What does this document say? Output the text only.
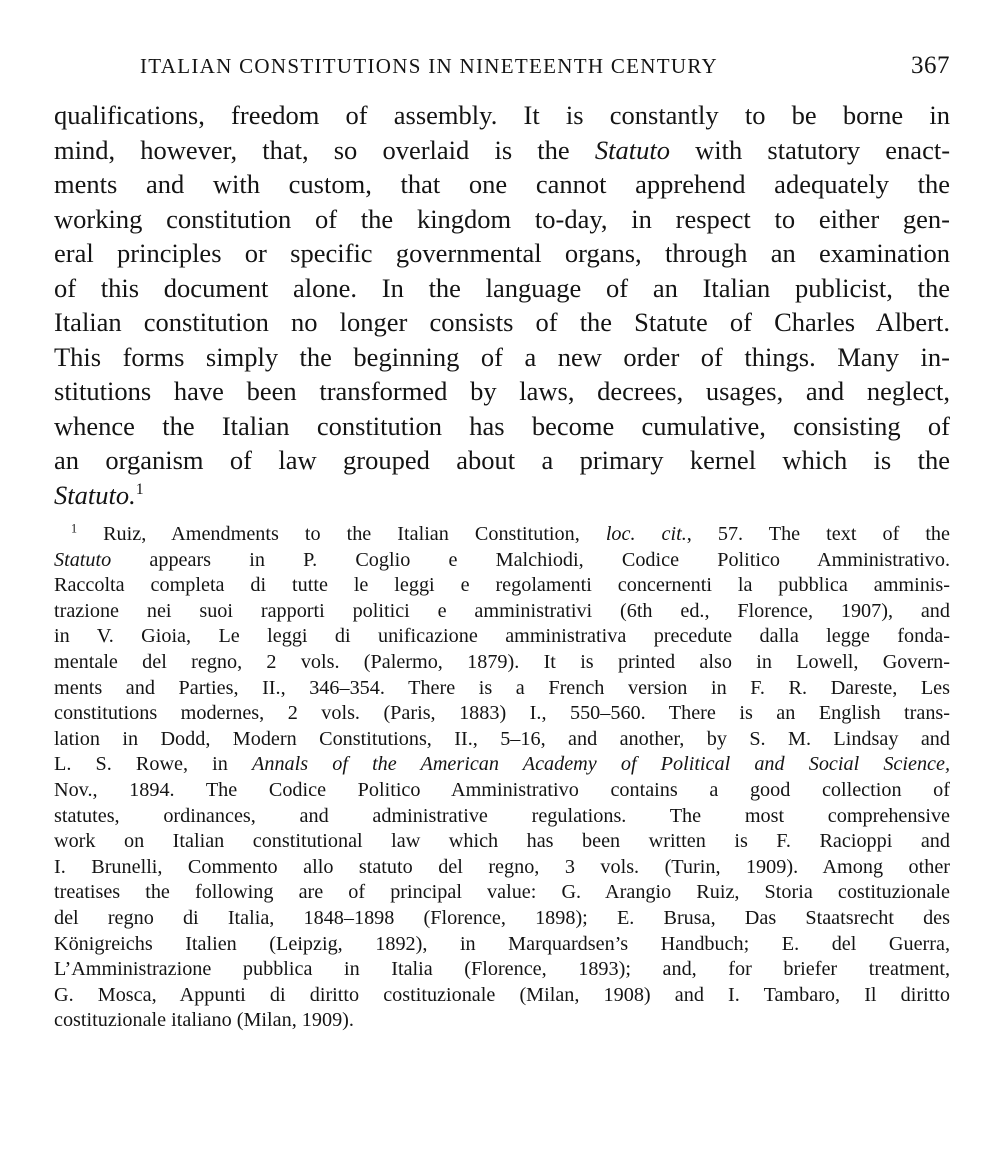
ITALIAN CONSTITUTIONS IN NINETEENTH CENTURY	367
qualifications, freedom of assembly. It is constantly to be borne in
mind, however, that, so overlaid is the Statuto with statutory enact-
ments and with custom, that one cannot apprehend adequately the
working constitution of the kingdom to-day, in respect to either gen-
eral principles or specific governmental organs, through an examination
of this document alone. In the language of an Italian publicist, the
Italian constitution no longer consists of the Statute of Charles Albert.
This forms simply the beginning of a new order of things. Many in-
stitutions have been transformed by laws, decrees, usages, and neglect,
whence the Italian constitution has become cumulative, consisting of
an organism of law grouped about a primary kernel which is the
Statuto.$^1$
$^1$ Ruiz, Amendments to the Italian Constitution, loc. cit., 57. The text of the
Statuto appears in P. Coglio e Malchiodi, Codice Politico Amministrativo.
Raccolta completa di tutte le leggi e regolamenti concernenti la pubblica amminis-
trazione nei suoi rapporti politici e amministrativi (6th ed., Florence, 1907), and
in V. Gioia, Le leggi di unificazione amministrativa precedute dalla legge fonda-
mentale del regno, 2 vols. (Palermo, 1879). It is printed also in Lowell, Govern-
ments and Parties, II., 346–354. There is a French version in F. R. Dareste, Les
constitutions modernes, 2 vols. (Paris, 1883) I., 550–560. There is an English trans-
lation in Dodd, Modern Constitutions, II., 5–16, and another, by S. M. Lindsay and
L. S. Rowe, in Annals of the American Academy of Political and Social Science,
Nov., 1894. The Codice Politico Amministrativo contains a good collection of
statutes, ordinances, and administrative regulations. The most comprehensive
work on Italian constitutional law which has been written is F. Racioppi and
I. Brunelli, Commento allo statuto del regno, 3 vols. (Turin, 1909). Among other
treatises the following are of principal value: G. Arangio Ruiz, Storia costituzionale
del regno di Italia, 1848–1898 (Florence, 1898); E. Brusa, Das Staatsrecht des
Königreichs Italien (Leipzig, 1892), in Marquardsen’s Handbuch; E. del Guerra,
L’Amministrazione pubblica in Italia (Florence, 1893); and, for briefer treatment,
G. Mosca, Appunti di diritto costituzionale (Milan, 1908) and I. Tambaro, Il diritto
costituzionale italiano (Milan, 1909).
